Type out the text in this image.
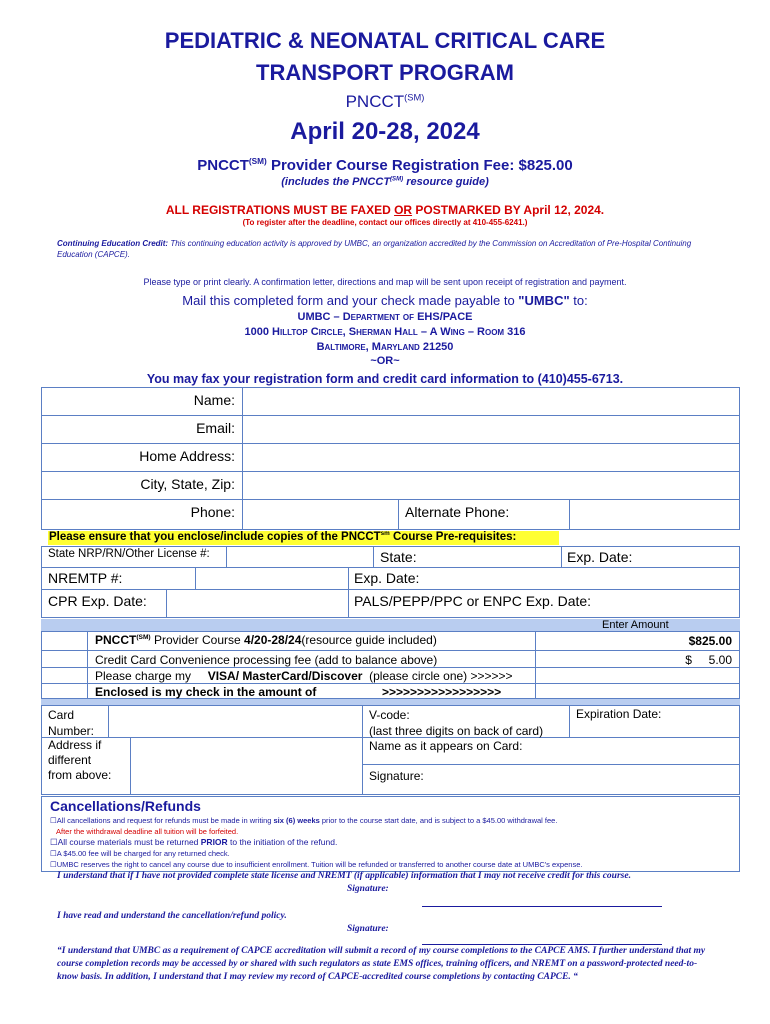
PEDIATRIC & NEONATAL CRITICAL CARE
TRANSPORT PROGRAM
$PNCCT^{(SM)}$
April 20-28, 2024
$PNCCT^{(SM)}$ Provider Course Registration Fee: $825.00
(includes the $PNCCT^{(SM)}$ resource guide)
ALL REGISTRATIONS MUST BE FAXED OR POSTMARKED BY April 12, 2024.
(To register after the deadline, contact our offices directly at 410-455-6241.)
Continuing Education Credit: This continuing education activity is approved by UMBC, an organization accredited by the Commission on Accreditation of Pre-Hospital Continuing Education (CAPCE).
Please type or print clearly. A confirmation letter, directions and map will be sent upon receipt of registration and payment.
Mail this completed form and your check made payable to "UMBC" to:
UMBC – Department of EHS/PACE
1000 Hilltop Circle, Sherman Hall – A Wing – Room 316
Baltimore, Maryland 21250
~OR~
You may fax your registration form and credit card information to (410)455-6713.
Name:
Email:
Home Address:
City, State, Zip:
Phone:	Alternate Phone:
Please ensure that you enclose/include copies of the $PNCCT^{sm}$ Course Pre-requisites:
State NRP/RN/Other License #:	State:	Exp. Date:
NREMTP #:	Exp. Date:
CPR Exp. Date:	PALS/PEPP/PPC or ENPC Exp. Date:
Enter Amount
$PNCCT^{(SM)}$ Provider Course 4/20-28/24(resource guide included)	$825.00
Credit Card Convenience processing fee (add to balance above)	$     5.00
Please charge my     VISA/ MasterCard/Discover  (please circle one) >>>>>>
Enclosed is my check in the amount of	>>>>>>>>>>>>>>>>>
Card
Number:
V-code:
(last three digits on back of card)
Expiration Date:
Address if
different
from above:
Name as it appears on Card:
Signature:
Cancellations/Refunds
☐All cancellations and request for refunds must be made in writing six (6) weeks prior to the course start date, and is subject to a $45.00 withdrawal fee.
After the withdrawal deadline all tuition will be forfeited.
☐All course materials must be returned PRIOR to the initiation of the refund.
☐A $45.00 fee will be charged for any returned check.
☐UMBC reserves the right to cancel any course due to insufficient enrollment. Tuition will be refunded or transferred to another course date at UMBC's expense.
I understand that if I have not provided complete state license and NREMT (if applicable) information that I may not receive credit for this course.
Signature:
I have read and understand the cancellation/refund policy.
Signature:
“I understand that UMBC as a requirement of CAPCE accreditation will submit a record of my course completions to the CAPCE AMS. I further understand that my course completion records may be accessed by or shared with such regulators as state EMS offices, training officers, and NREMT on a password-protected need-to-know basis. In addition, I understand that I may review my record of CAPCE-accredited course completions by contacting CAPCE. “
